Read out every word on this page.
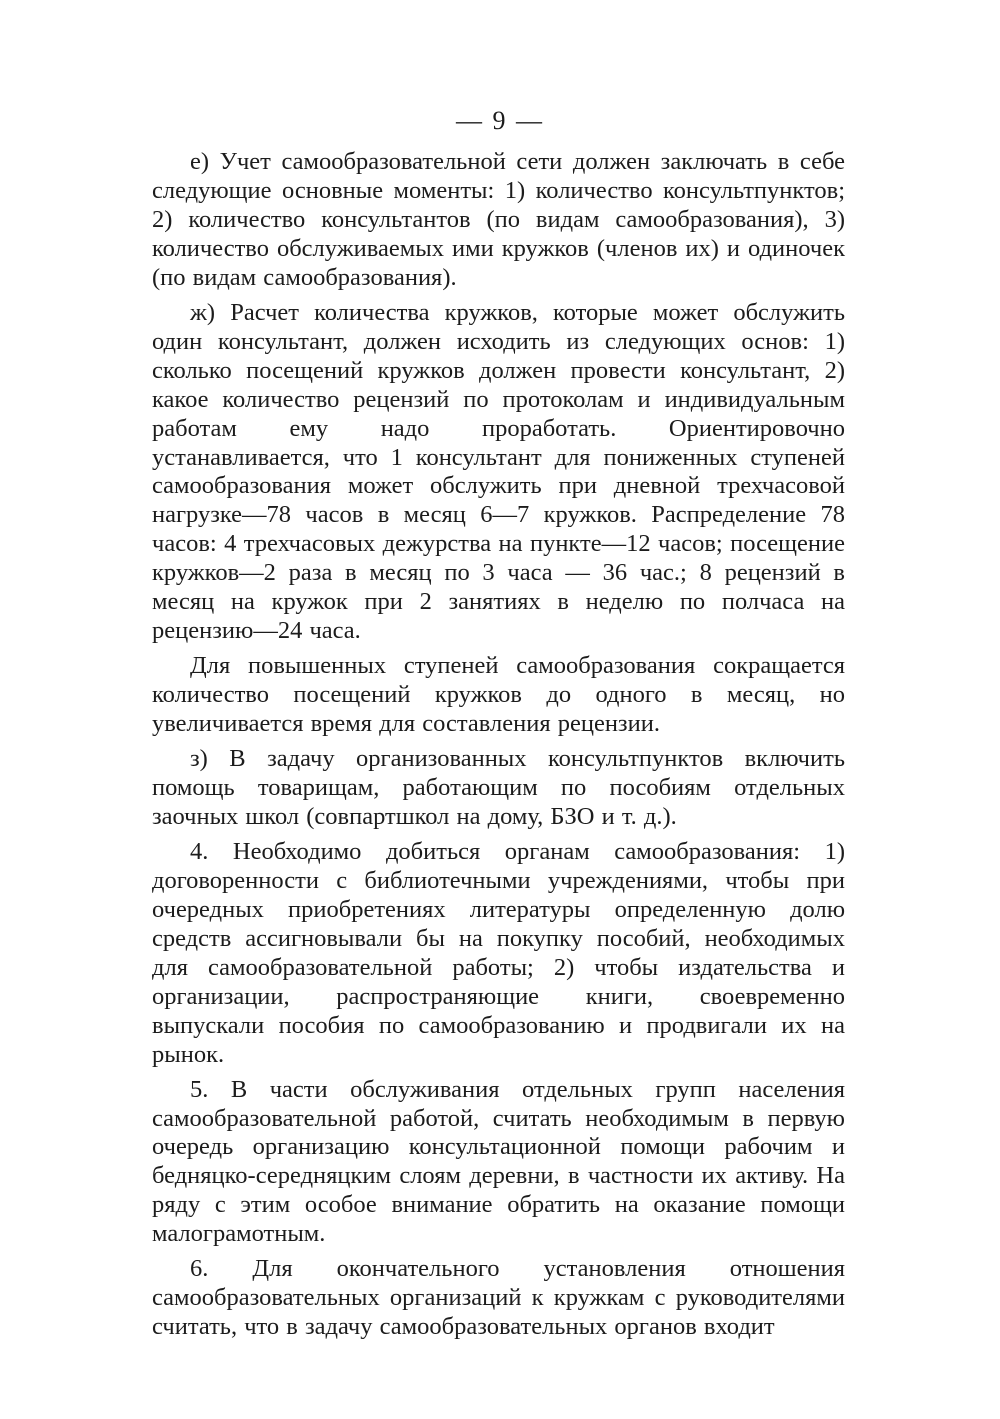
— 9 —

е) Учет самообразовательной сети должен заключать в себе следующие основные моменты: 1) количество консультпунктов; 2) количество консультантов (по видам самообразования), 3) количество обслуживаемых ими кружков (членов их) и одиночек (по видам самообразования).

ж) Расчет количества кружков, которые может обслужить один консультант, должен исходить из следующих основ: 1) сколько посещений кружков должен провести консультант, 2) какое количество рецензий по протоколам и индивидуальным работам ему надо проработать. Ориентировочно устанавливается, что 1 консультант для пониженных ступеней самообразования может обслужить при дневной трехчасовой нагрузке—78 часов в месяц 6—7 кружков. Распределение 78 часов: 4 трехчасовых дежурства на пункте—12 часов; посещение кружков—2 раза в месяц по 3 часа — 36 час.; 8 рецензий в месяц на кружок при 2 занятиях в неделю по полчаса на рецензию—24 часа.

Для повышенных ступеней самообразования сокращается количество посещений кружков до одного в месяц, но увеличивается время для составления рецензии.

з) В задачу организованных консультпунктов включить помощь товарищам, работающим по пособиям отдельных заочных школ (совпартшкол на дому, БЗО и т. д.).

4. Необходимо добиться органам самообразования: 1) договоренности с библиотечными учреждениями, чтобы при очередных приобретениях литературы определенную долю средств ассигновывали бы на покупку пособий, необходимых для самообразовательной работы; 2) чтобы издательства и организации, распространяющие книги, своевременно выпускали пособия по самообразованию и продвигали их на рынок.

5. В части обслуживания отдельных групп населения самообразовательной работой, считать необходимым в первую очередь организацию консультационной помощи рабочим и бедняцко-середняцким слоям деревни, в частности их активу. На ряду с этим особое внимание обратить на оказание помощи малограмотным.

6. Для окончательного установления отношения самообразовательных организаций к кружкам с руководителями считать, что в задачу самообразовательных органов входит
